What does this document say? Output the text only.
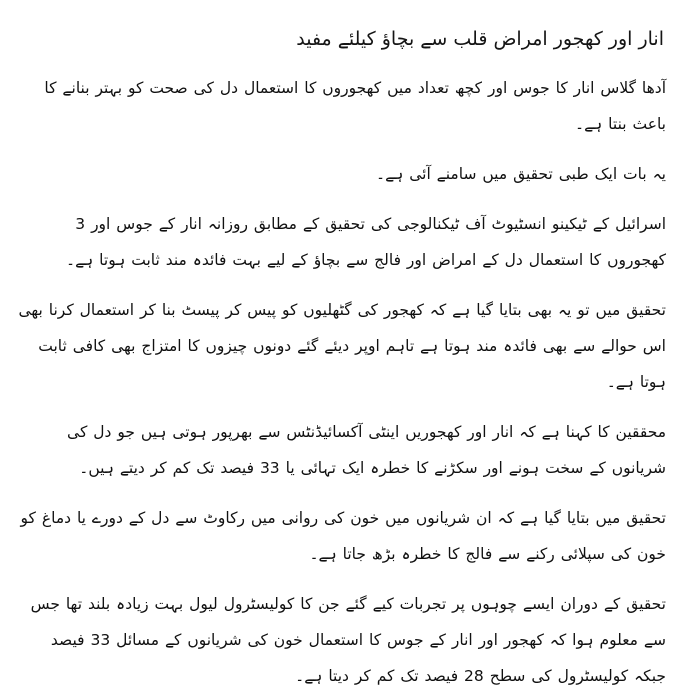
انار اور کھجور امراض قلب سے بچاؤ کیلئے مفید

آدھا گلاس انار کا جوس اور کچھ تعداد میں کھجوروں کا استعمال دل کی صحت کو بہتر بنانے کا باعث بنتا ہے۔

یہ بات ایک طبی تحقیق میں سامنے آئی ہے۔

اسرائیل کے ٹیکینو انسٹیوٹ آف ٹیکنالوجی کی تحقیق کے مطابق روزانہ انار کے جوس اور 3 کھجوروں کا استعمال دل کے امراض اور فالج سے بچاؤ کے لیے بہت فائدہ مند ثابت ہوتا ہے۔

تحقیق میں تو یہ بھی بتایا گیا ہے کہ کھجور کی گٹھلیوں کو پیس کر پیسٹ بنا کر استعمال کرنا بھی اس حوالے سے بھی فائدہ مند ہوتا ہے تاہم اوپر دیئے گئے دونوں چیزوں کا امتزاج بھی کافی ثابت ہوتا ہے۔

محققین کا کہنا ہے کہ انار اور کھجوریں اینٹی آکسائیڈنٹس سے بھرپور ہوتی ہیں جو دل کی شریانوں کے سخت ہونے اور سکڑنے کا خطرہ ایک تہائی یا 33 فیصد تک کم کر دیتے ہیں۔

تحقیق میں بتایا گیا ہے کہ ان شریانوں میں خون کی روانی میں رکاوٹ سے دل کے دورے یا دماغ کو خون کی سپلائی رکنے سے فالج کا خطرہ بڑھ جاتا ہے۔

تحقیق کے دوران ایسے چوہوں پر تجربات کیے گئے جن کا کولیسٹرول لیول بہت زیادہ بلند تھا جس سے معلوم ہوا کہ کھجور اور انار کے جوس کا استعمال خون کی شریانوں کے مسائل 33 فیصد جبکہ کولیسٹرول کی سطح 28 فیصد تک کم کر دیتا ہے۔
